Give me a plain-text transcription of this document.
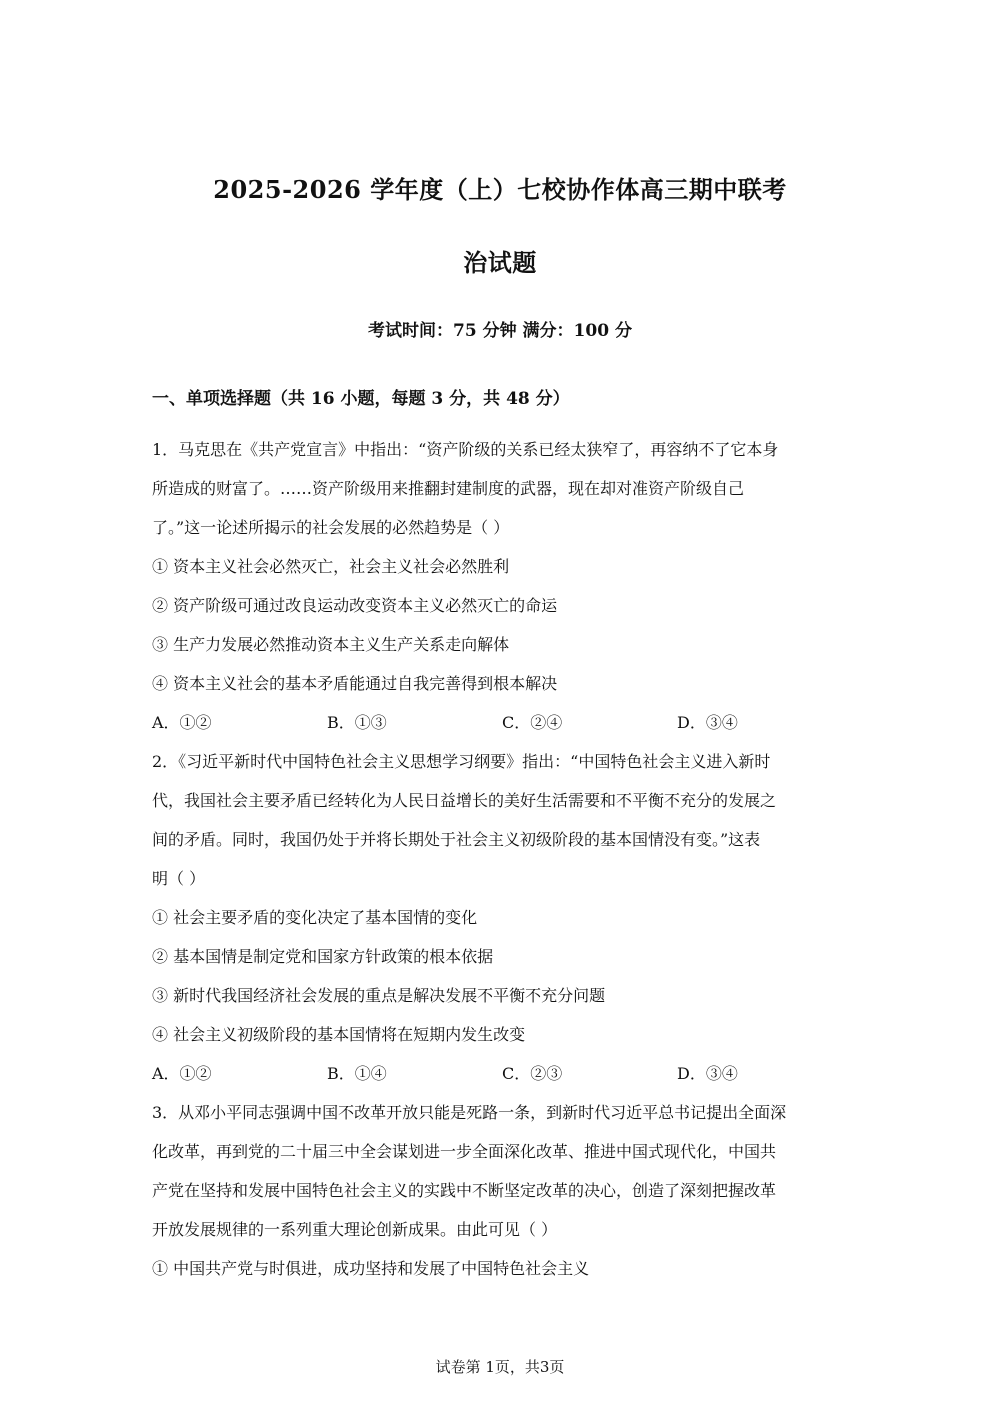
2025-2026 学年度（上）七校协作体高三期中联考
治试题
考试时间：75 分钟 满分：100 分
一、单项选择题（共 16 小题，每题 3 分，共 48 分）
1．马克思在《共产党宣言》中指出：“资产阶级的关系已经太狭窄了，再容纳不了它本身
所造成的财富了。……资产阶级用来推翻封建制度的武器，现在却对准资产阶级自己
了。”这一论述所揭示的社会发展的必然趋势是（ ）
① 资本主义社会必然灭亡，社会主义社会必然胜利
② 资产阶级可通过改良运动改变资本主义必然灭亡的命运
③ 生产力发展必然推动资本主义生产关系走向解体
④ 资本主义社会的基本矛盾能通过自我完善得到根本解决
A．①②	B．①③	C．②④	D．③④
2．《习近平新时代中国特色社会主义思想学习纲要》指出：“中国特色社会主义进入新时
代，我国社会主要矛盾已经转化为人民日益增长的美好生活需要和不平衡不充分的发展之
间的矛盾。同时，我国仍处于并将长期处于社会主义初级阶段的基本国情没有变。”这表
明（ ）
① 社会主要矛盾的变化决定了基本国情的变化
② 基本国情是制定党和国家方针政策的根本依据
③ 新时代我国经济社会发展的重点是解决发展不平衡不充分问题
④ 社会主义初级阶段的基本国情将在短期内发生改变
A．①②	B．①④	C．②③	D．③④
3．从邓小平同志强调中国不改革开放只能是死路一条，到新时代习近平总书记提出全面深
化改革，再到党的二十届三中全会谋划进一步全面深化改革、推进中国式现代化，中国共
产党在坚持和发展中国特色社会主义的实践中不断坚定改革的决心，创造了深刻把握改革
开放发展规律的一系列重大理论创新成果。由此可见（ ）
① 中国共产党与时俱进，成功坚持和发展了中国特色社会主义
试卷第 1页，共3页
